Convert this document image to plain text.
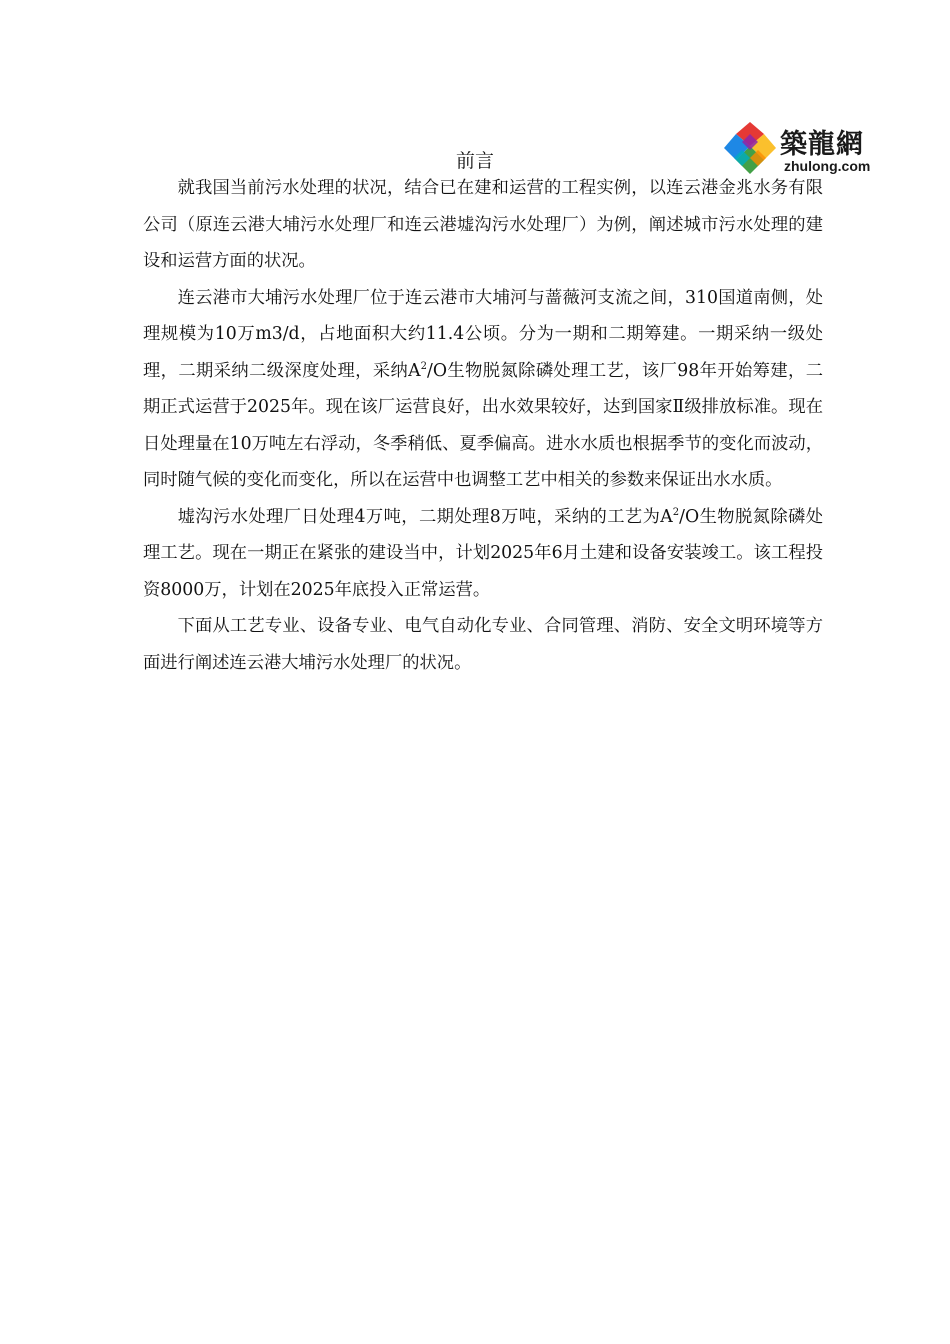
就我国当前污水处理的状况，结合已在建和运营的工程实例，以连云港金兆水务有限公司（原连云港大埔污水处理厂和连云港墟沟污水处理厂）为例，阐述城市污水处理的建设和运营方面的状况。

连云港市大埔污水处理厂位于连云港市大埔河与蔷薇河支流之间，310国道南侧，处理规模为10万m3/d，占地面积大约11.4公顷。分为一期和二期筹建。一期采纳一级处理，二期采纳二级深度处理，采纳$A^2/O$生物脱氮除磷处理工艺，该厂98年开始筹建，二期正式运营于2025年。现在该厂运营良好，出水效果较好，达到国家Ⅱ级排放标准。现在日处理量在10万吨左右浮动，冬季稍低、夏季偏高。进水水质也根据季节的变化而波动，同时随气候的变化而变化，所以在运营中也调整工艺中相关的参数来保证出水水质。

墟沟污水处理厂日处理4万吨，二期处理8万吨，采纳的工艺为$A^2/O$生物脱氮除磷处理工艺。现在一期正在紧张的建设当中，计划2025年6月土建和设备安装竣工。该工程投资8000万，计划在2025年底投入正常运营。

下面从工艺专业、设备专业、电气自动化专业、合同管理、消防、安全文明环境等方面进行阐述连云港大埔污水处理厂的状况。

前言
築龍網
zhulong.com
